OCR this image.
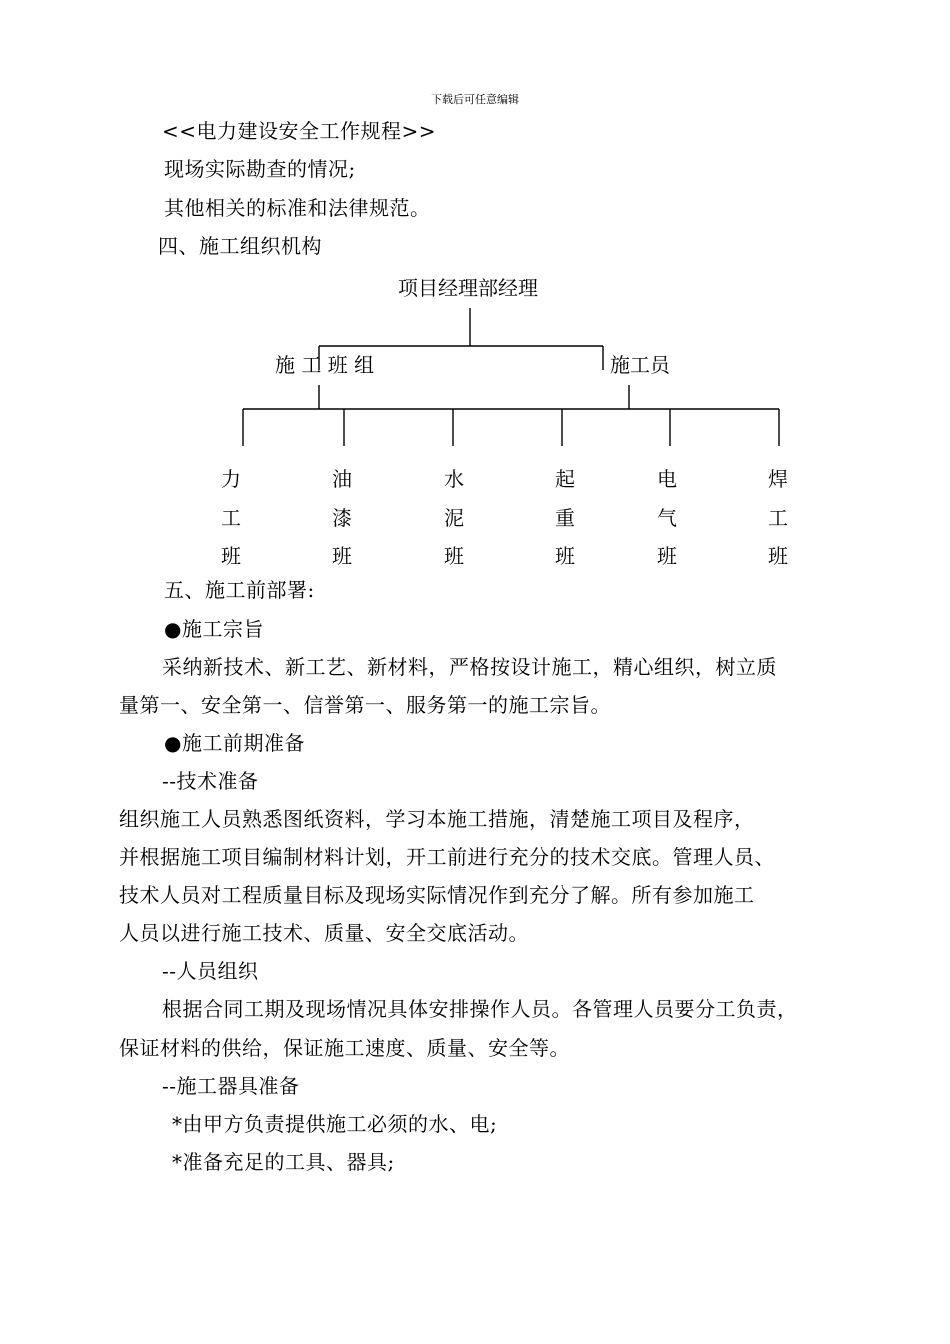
下载后可任意编辑
<<电力建设安全工作规程>>
现场实际勘查的情况;
其他相关的标准和法律规范。
四、施工组织机构
项目经理部经理
施 工 班 组	施工员
力
工
班
油
漆
班
水
泥
班
起
重
班
电
气
班
焊
工
班
五、施工前部署:
●施工宗旨
采纳新技术、新工艺、新材料，严格按设计施工，精心组织，树立质
量第一、安全第一、信誉第一、服务第一的施工宗旨。
●施工前期准备
--技术准备
组织施工人员熟悉图纸资料，学习本施工措施，清楚施工项目及程序，
并根据施工项目编制材料计划，开工前进行充分的技术交底。管理人员、
技术人员对工程质量目标及现场实际情况作到充分了解。所有参加施工
人员以进行施工技术、质量、安全交底活动。
--人员组织
根据合同工期及现场情况具体安排操作人员。各管理人员要分工负责，
保证材料的供给，保证施工速度、质量、安全等。
--施工器具准备
*由甲方负责提供施工必须的水、电;
*准备充足的工具、器具;
